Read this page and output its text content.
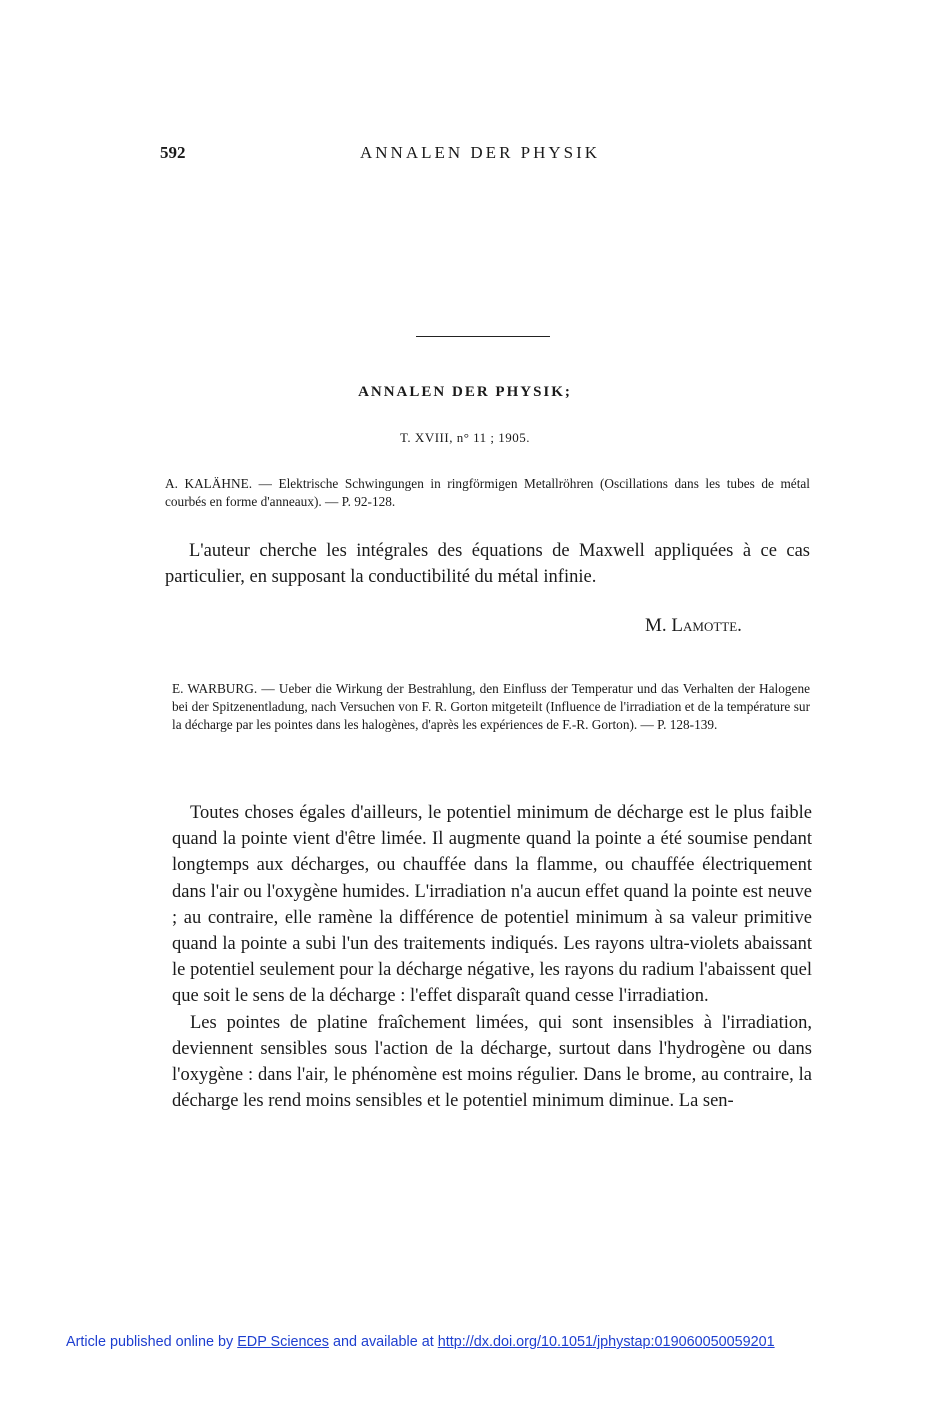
592	ANNALEN DER PHYSIK
ANNALEN DER PHYSIK;
T. XVIII, n° 11 ; 1905.
A. KALÄHNE. — Elektrische Schwingungen in ringförmigen Metallröhren (Oscillations dans les tubes de métal courbés en forme d'anneaux). — P. 92-128.
L'auteur cherche les intégrales des équations de Maxwell appliquées à ce cas particulier, en supposant la conductibilité du métal infinie.
M. Lamotte.
E. WARBURG. — Ueber die Wirkung der Bestrahlung, den Einfluss der Temperatur und das Verhalten der Halogene bei der Spitzenentladung, nach Versuchen von F. R. Gorton mitgeteilt (Influence de l'irradiation et de la température sur la décharge par les pointes dans les halogènes, d'après les expériences de F.-R. Gorton). — P. 128-139.

Toutes choses égales d'ailleurs, le potentiel minimum de décharge est le plus faible quand la pointe vient d'être limée. Il augmente quand la pointe a été soumise pendant longtemps aux décharges, ou chauffée dans la flamme, ou chauffée électriquement dans l'air ou l'oxygène humides. L'irradiation n'a aucun effet quand la pointe est neuve ; au contraire, elle ramène la différence de potentiel minimum à sa valeur primitive quand la pointe a subi l'un des traitements indiqués. Les rayons ultra-violets abaissant le potentiel seulement pour la décharge négative, les rayons du radium l'abaissent quel que soit le sens de la décharge : l'effet disparaît quand cesse l'irradiation.

Les pointes de platine fraîchement limées, qui sont insensibles à l'irradiation, deviennent sensibles sous l'action de la décharge, surtout dans l'hydrogène ou dans l'oxygène : dans l'air, le phénomène est moins régulier. Dans le brome, au contraire, la décharge les rend moins sensibles et le potentiel minimum diminue. La sen-

Article published online by EDP Sciences and available at http://dx.doi.org/10.1051/jphystap:019060050059201
